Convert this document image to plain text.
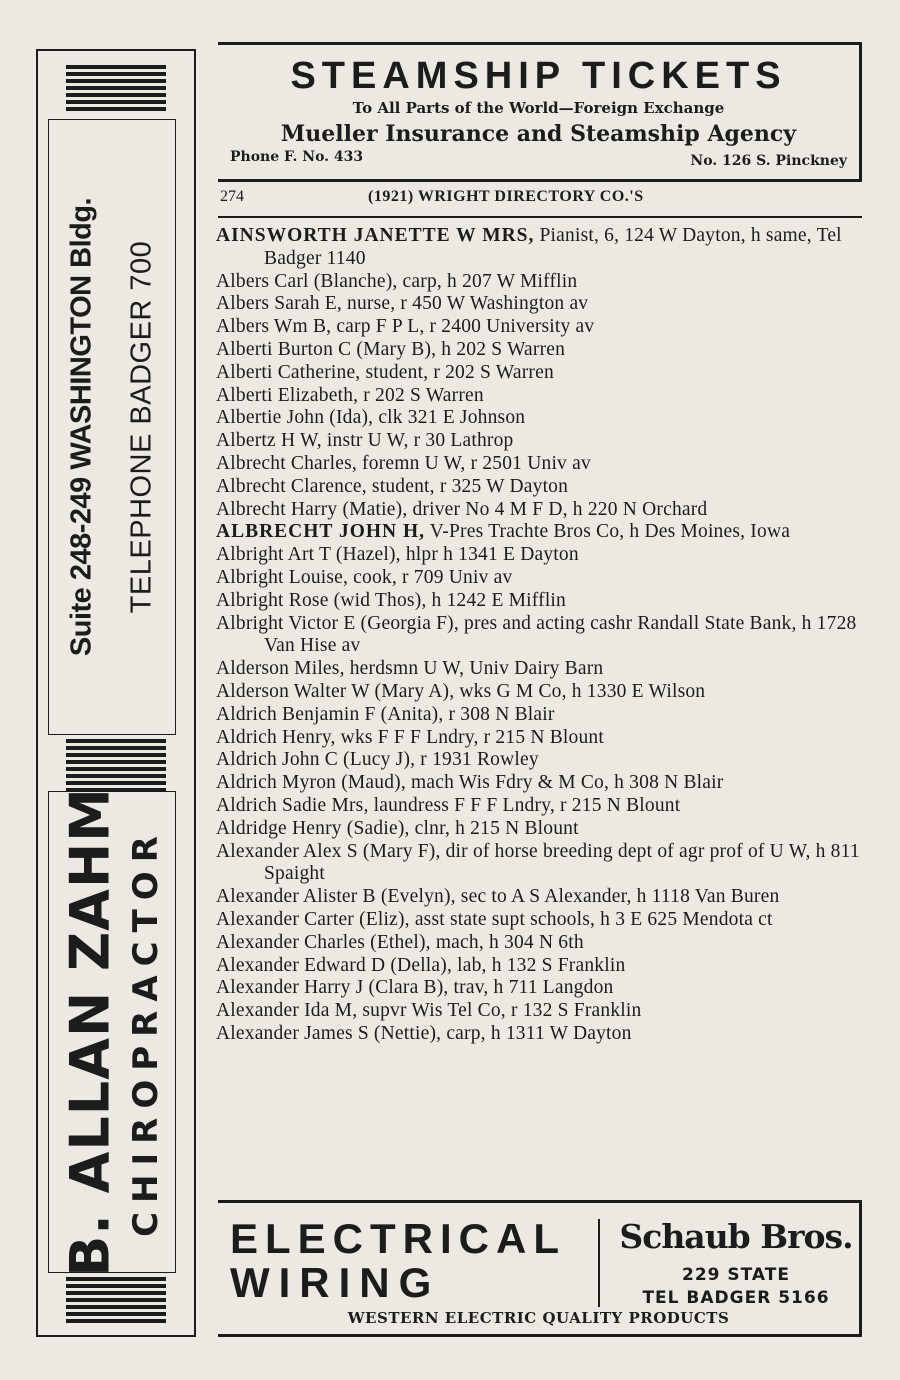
Suite 248-249 WASHINGTON Bldg. TELEPHONE BADGER 700
B. ALLAN ZAHM CHIROPRACTOR
STEAMSHIP TICKETS
To All Parts of the World—Foreign Exchange
Mueller Insurance and Steamship Agency
Phone F. No. 433	No. 126 S. Pinckney
274	(1921) WRIGHT DIRECTORY CO.'S

AINSWORTH JANETTE W MRS, Pianist, 6, 124 W Dayton, h same, Tel Badger 1140

Albers Carl (Blanche), carp, h 207 W Mifflin

Albers Sarah E, nurse, r 450 W Washington av

Albers Wm B, carp F P L, r 2400 University av

Alberti Burton C (Mary B), h 202 S Warren

Alberti Catherine, student, r 202 S Warren

Alberti Elizabeth, r 202 S Warren

Albertie John (Ida), clk 321 E Johnson

Albertz H W, instr U W, r 30 Lathrop

Albrecht Charles, foremn U W, r 2501 Univ av

Albrecht Clarence, student, r 325 W Dayton

Albrecht Harry (Matie), driver No 4 M F D, h 220 N Orchard

ALBRECHT JOHN H, V-Pres Trachte Bros Co, h Des Moines, Iowa

Albright Art T (Hazel), hlpr h 1341 E Dayton

Albright Louise, cook, r 709 Univ av

Albright Rose (wid Thos), h 1242 E Mifflin

Albright Victor E (Georgia F), pres and acting cashr Randall State Bank, h 1728 Van Hise av

Alderson Miles, herdsmn U W, Univ Dairy Barn

Alderson Walter W (Mary A), wks G M Co, h 1330 E Wilson

Aldrich Benjamin F (Anita), r 308 N Blair

Aldrich Henry, wks F F F Lndry, r 215 N Blount

Aldrich John C (Lucy J), r 1931 Rowley

Aldrich Myron (Maud), mach Wis Fdry & M Co, h 308 N Blair

Aldrich Sadie Mrs, laundress F F F Lndry, r 215 N Blount

Aldridge Henry (Sadie), clnr, h 215 N Blount

Alexander Alex S (Mary F), dir of horse breeding dept of agr prof of U W, h 811 Spaight

Alexander Alister B (Evelyn), sec to A S Alexander, h 1118 Van Buren

Alexander Carter (Eliz), asst state supt schools, h 3 E 625 Mendota ct

Alexander Charles (Ethel), mach, h 304 N 6th

Alexander Edward D (Della), lab, h 132 S Franklin

Alexander Harry J (Clara B), trav, h 711 Langdon

Alexander Ida M, supvr Wis Tel Co, r 132 S Franklin

Alexander James S (Nettie), carp, h 1311 W Dayton

ELECTRICAL
WIRING
Schaub Bros.
229 STATE
TEL BADGER 5166
WESTERN ELECTRIC QUALITY PRODUCTS
